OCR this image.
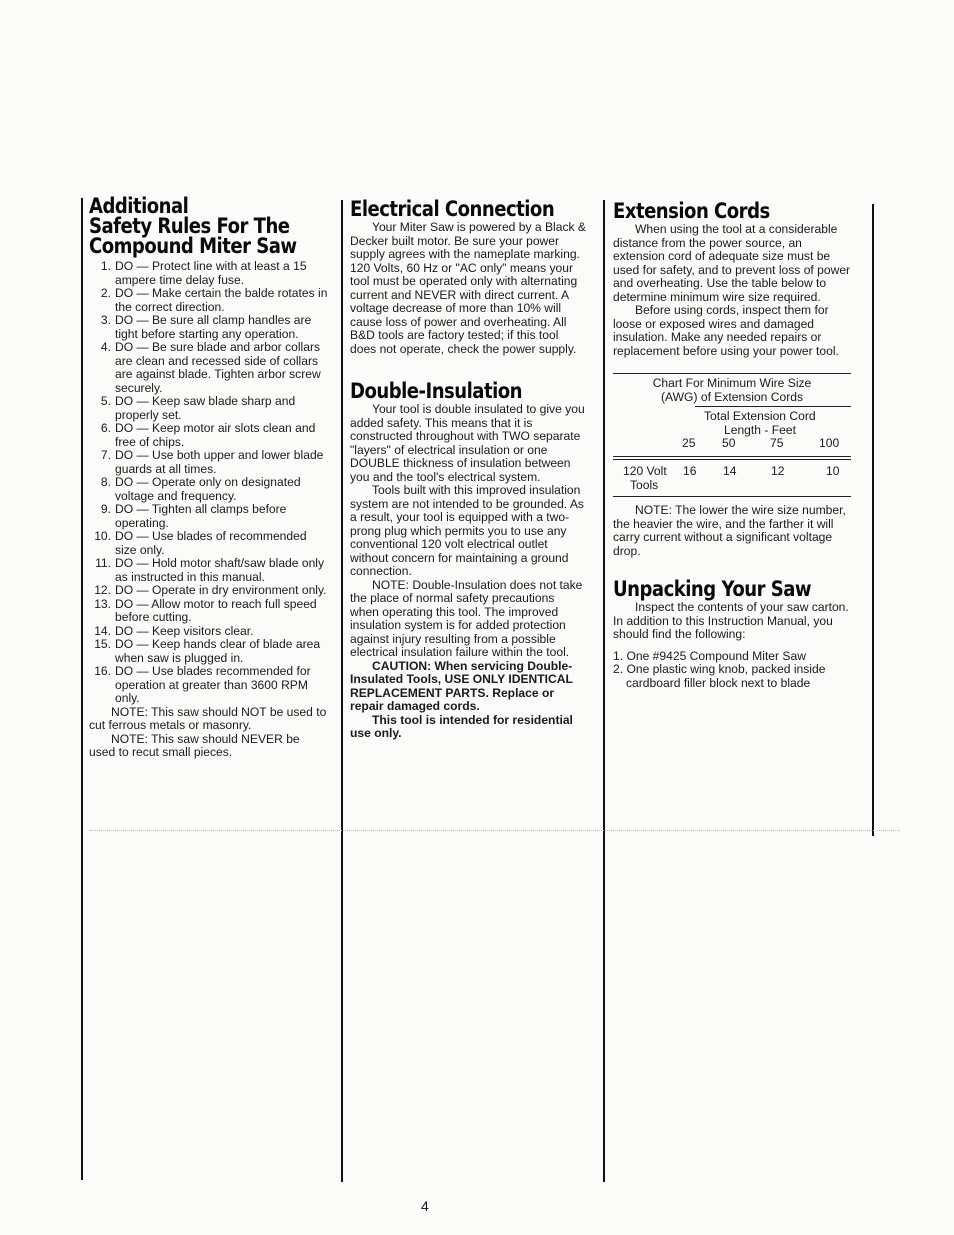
Additional
Safety Rules For The
Compound Miter Saw
1. DO — Protect line with at least a 15 ampere time delay fuse.
2. DO — Make certain the balde rotates in the correct direction.
3. DO — Be sure all clamp handles are tight before starting any operation.
4. DO — Be sure blade and arbor collars are clean and recessed side of collars are against blade. Tighten arbor screw securely.
5. DO — Keep saw blade sharp and properly set.
6. DO — Keep motor air slots clean and free of chips.
7. DO — Use both upper and lower blade guards at all times.
8. DO — Operate only on designated voltage and frequency.
9. DO — Tighten all clamps before operating.
10. DO — Use blades of recommended size only.
11. DO — Hold motor shaft/saw blade only as instructed in this manual.
12. DO — Operate in dry environment only.
13. DO — Allow motor to reach full speed before cutting.
14. DO — Keep visitors clear.
15. DO — Keep hands clear of blade area when saw is plugged in.
16. DO — Use blades recommended for operation at greater than 3600 RPM only.

NOTE: This saw should NOT be used to cut ferrous metals or masonry.

NOTE: This saw should NEVER be used to recut small pieces.

Electrical Connection

Your Miter Saw is powered by a Black & Decker built motor. Be sure your power supply agrees with the nameplate marking. 120 Volts, 60 Hz or "AC only" means your tool must be operated only with alternating current and NEVER with direct current. A voltage decrease of more than 10% will cause loss of power and overheating. All B&D tools are factory tested; if this tool does not operate, check the power supply.

Double-Insulation

Your tool is double insulated to give you added safety. This means that it is constructed throughout with TWO separate "layers" of electrical insulation or one DOUBLE thickness of insulation between you and the tool's electrical system.

Tools built with this improved insulation system are not intended to be grounded. As a result, your tool is equipped with a two-prong plug which permits you to use any conventional 120 volt electrical outlet without concern for maintaining a ground connection.

NOTE: Double-Insulation does not take the place of normal safety precautions when operating this tool. The improved insulation system is for added protection against injury resulting from a possible electrical insulation failure within the tool.

CAUTION: When servicing Double-Insulated Tools, USE ONLY IDENTICAL REPLACEMENT PARTS. Replace or repair damaged cords.

This tool is intended for residential use only.

Extension Cords

When using the tool at a considerable distance from the power source, an extension cord of adequate size must be used for safety, and to prevent loss of power and overheating. Use the table below to determine minimum wire size required.

Before using cords, inspect them for loose or exposed wires and damaged insulation. Make any needed repairs or replacement before using your power tool.

Chart For Minimum Wire Size
(AWG) of Extension Cords
Total Extension Cord
Length - Feet
25 50	75	100
120 Volt 16 14	12	10
Tools

NOTE: The lower the wire size number, the heavier the wire, and the farther it will carry current without a significant voltage drop.

Unpacking Your Saw

Inspect the contents of your saw carton. In addition to this Instruction Manual, you should find the following:

1. One #9425 Compound Miter Saw
2. One plastic wing knob, packed inside cardboard filler block next to blade
4
